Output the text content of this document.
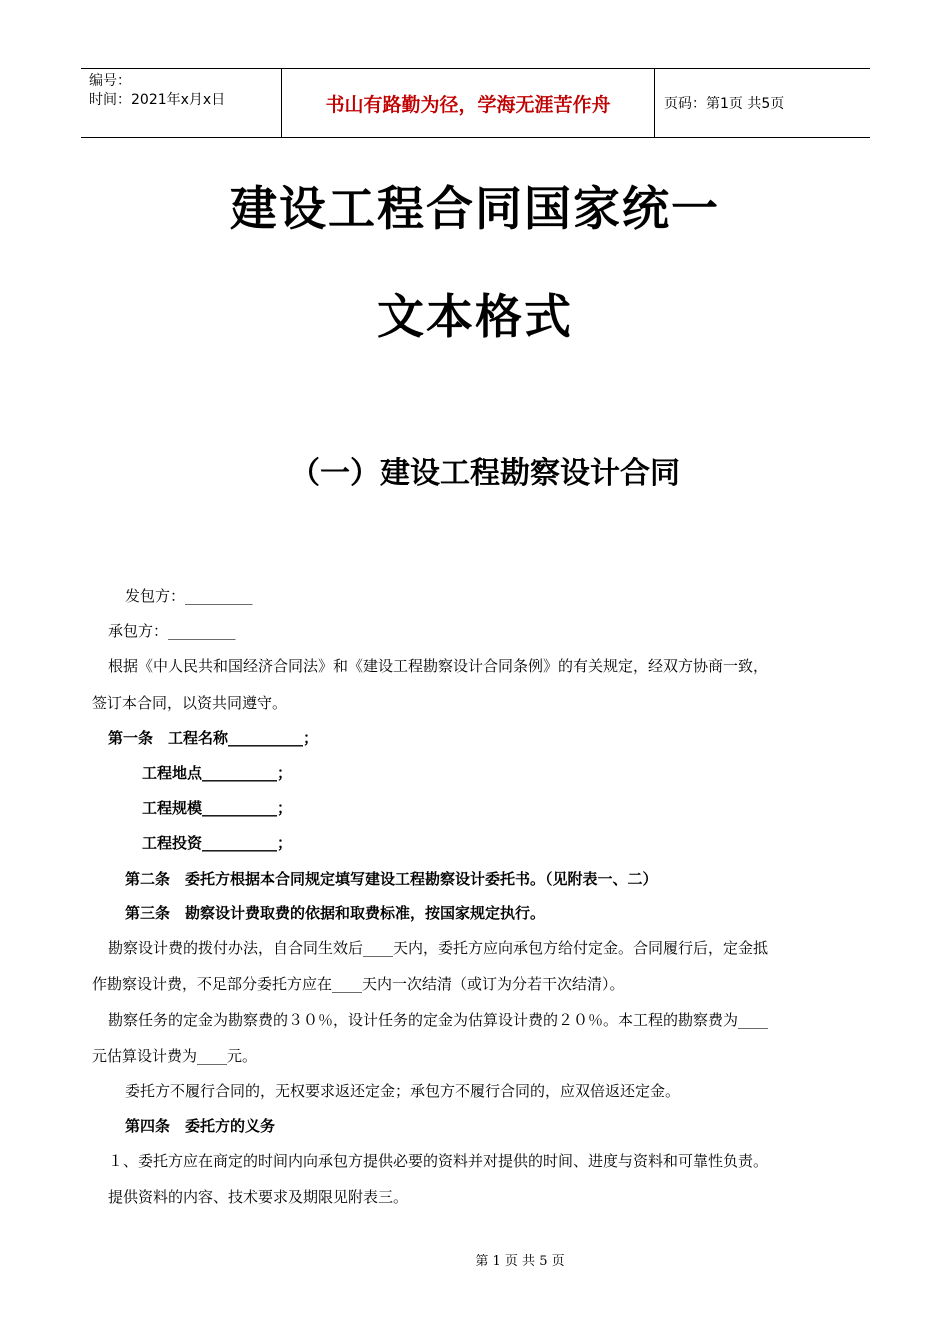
编号：
时间：2021年x月x日	书山有路勤为径，学海无涯苦作舟	页码：第1页 共5页
建设工程合同国家统一
文本格式
（一）建设工程勘察设计合同
发包方：_________
承包方：_________
根据《中人民共和国经济合同法》和《建设工程勘察设计合同条例》的有关规定，经双方协商一致，
签订本合同，以资共同遵守。
第一条　工程名称__________；
工程地点__________；
工程规模__________；
工程投资__________；
第二条　委托方根据本合同规定填写建设工程勘察设计委托书。（见附表一、二）
第三条　勘察设计费取费的依据和取费标准，按国家规定执行。
勘察设计费的拨付办法，自合同生效后____天内，委托方应向承包方给付定金。合同履行后，定金抵
作勘察设计费，不足部分委托方应在____天内一次结清（或订为分若干次结清）。
勘察任务的定金为勘察费的３０％，设计任务的定金为估算设计费的２０％。本工程的勘察费为____
元估算设计费为____元。
委托方不履行合同的，无权要求返还定金；承包方不履行合同的，应双倍返还定金。
第四条　委托方的义务
１、委托方应在商定的时间内向承包方提供必要的资料并对提供的时间、进度与资料和可靠性负责。
提供资料的内容、技术要求及期限见附表三。
第 1 页 共 5 页
